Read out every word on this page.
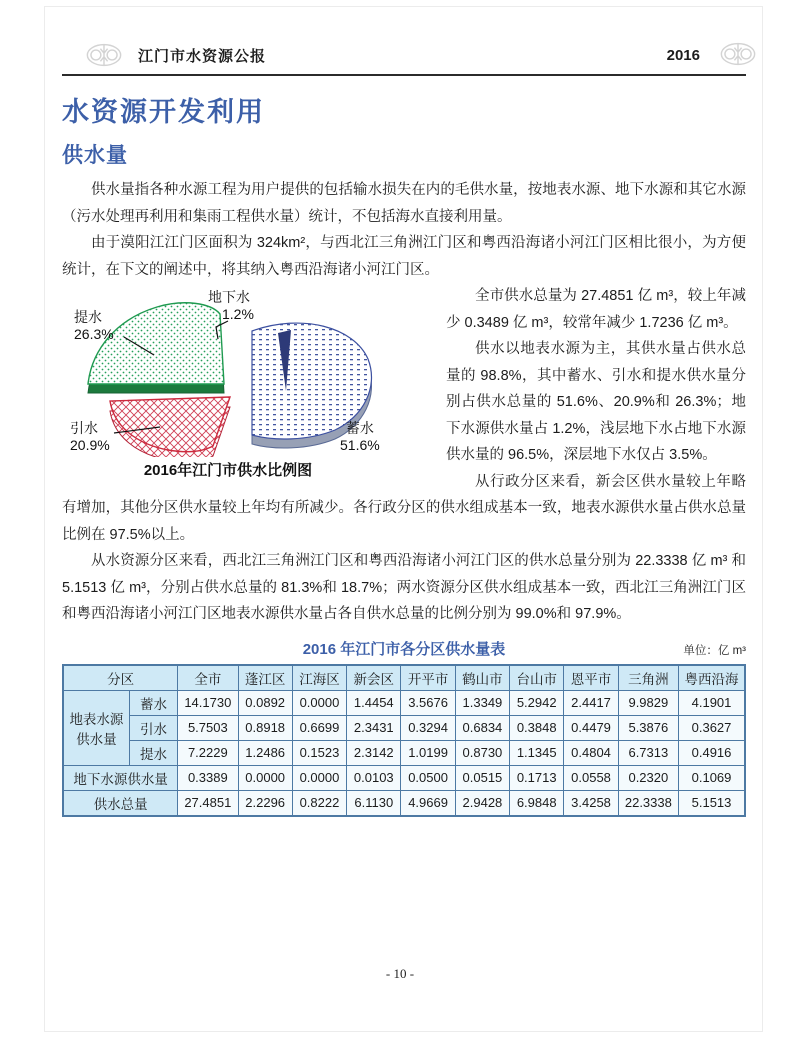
江门市水资源公报	2016
水资源开发利用
供水量

供水量指各种水源工程为用户提供的包括输水损失在内的毛供水量，按地表水源、地下水源和其它水源（污水处理再利用和集雨工程供水量）统计，不包括海水直接利用量。

由于漠阳江江门区面积为 324km²，与西北江三角洲江门区和粤西沿海诸小河江门区相比很小，为方便统计，在下文的阐述中，将其纳入粤西沿海诸小河江门区。

提水
26.3%
地下水
1.2%
引水
20.9%
蓄水
51.6%
2016年江门市供水比例图

全市供水总量为 27.4851 亿 m³，较上年减少 0.3489 亿 m³，较常年减少 1.7236 亿 m³。

供水以地表水源为主，其供水量占供水总量的 98.8%，其中蓄水、引水和提水供水量分别占供水总量的 51.6%、20.9%和 26.3%；地下水源供水量占 1.2%，浅层地下水占地下水源供水量的 96.5%，深层地下水仅占 3.5%。

从行政分区来看，新会区供水量较上年略有增加，其他分区供水量较上年均有所减少。各行政分区的供水组成基本一致，地表水源供水量占供水总量比例在 97.5%以上。

从水资源分区来看，西北江三角洲江门区和粤西沿海诸小河江门区的供水总量分别为 22.3338 亿 m³ 和 5.1513 亿 m³，分别占供水总量的 81.3%和 18.7%；两水资源分区供水组成基本一致，西北江三角洲江门区和粤西沿海诸小河江门区地表水源供水量占各自供水总量的比例分别为 99.0%和 97.9%。

2016 年江门市各分区供水量表	单位：亿 m³
分区		全市	蓬江区	江海区	新会区	开平市	鹤山市	台山市	恩平市	三角洲	粤西沿海
地表水源供水量	蓄水	14.1730	0.0892	0.0000	1.4454	3.5676	1.3349	5.2942	2.4417	9.9829	4.1901
	引水	5.7503	0.8918	0.6699	2.3431	0.3294	0.6834	0.3848	0.4479	5.3876	0.3627
	提水	7.2229	1.2486	0.1523	2.3142	1.0199	0.8730	1.1345	0.4804	6.7313	0.4916
地下水源供水量		0.3389	0.0000	0.0000	0.0103	0.0500	0.0515	0.1713	0.0558	0.2320	0.1069
供水总量		27.4851	2.2296	0.8222	6.1130	4.9669	2.9428	6.9848	3.4258	22.3338	5.1513
- 10 -
